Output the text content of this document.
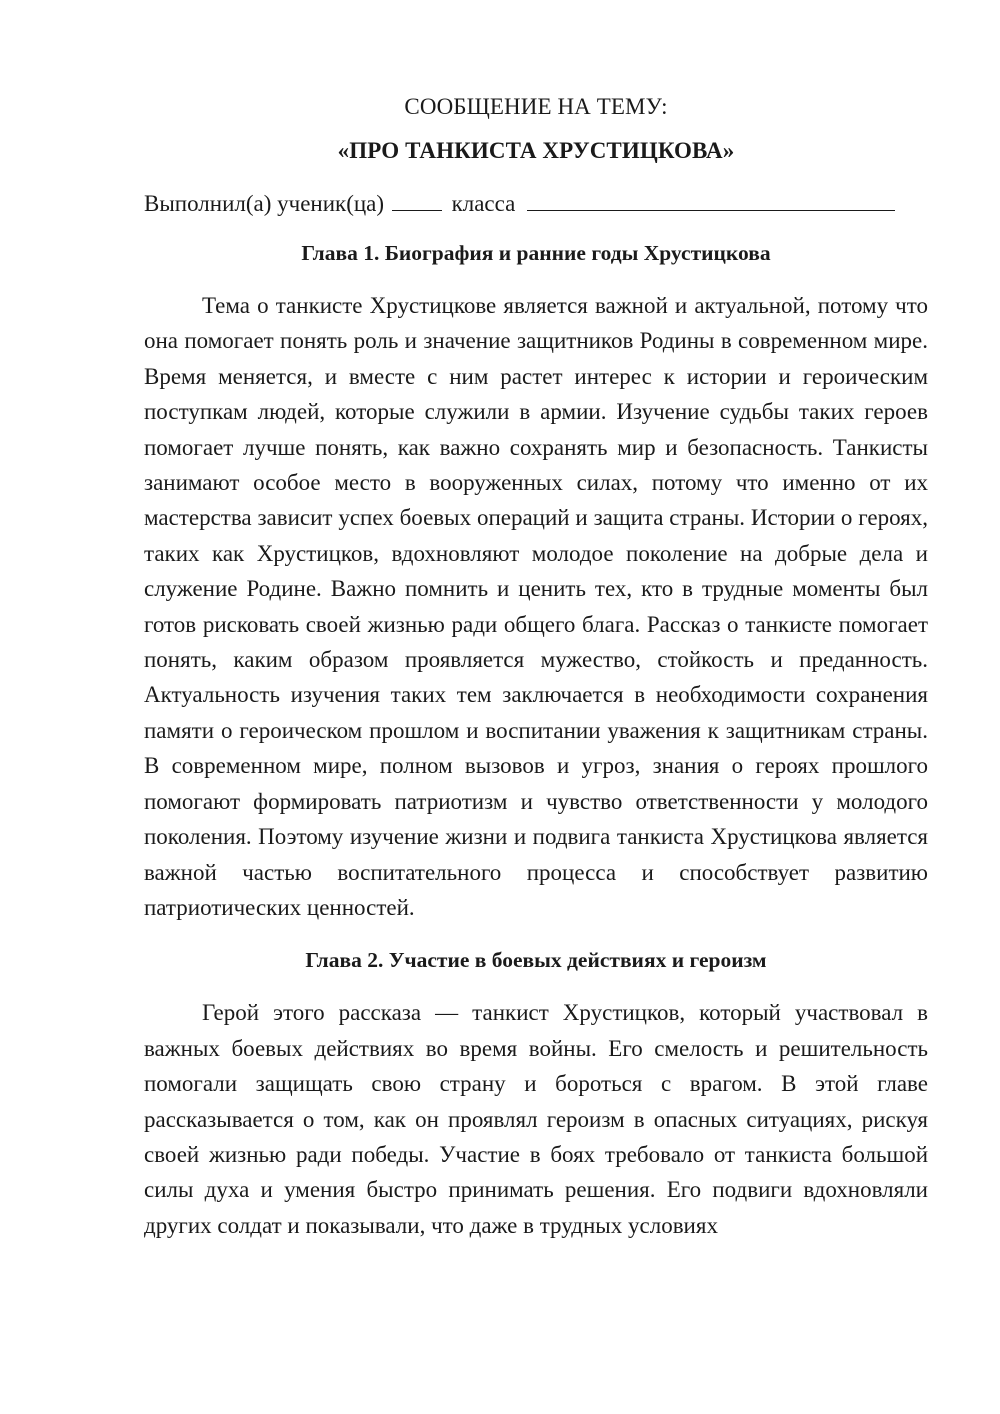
СООБЩЕНИЕ НА ТЕМУ:

«ПРО ТАНКИСТА ХРУСТИЦКОВА»

Выполнил(а) ученик(ца)	класса
Глава 1. Биография и ранние годы Хрустицкова

Тема о танкисте Хрустицкове является важной и актуальной, потому что она помогает понять роль и значение защитников Родины в современном мире. Время меняется, и вместе с ним растет интерес к истории и героическим поступкам людей, которые служили в армии. Изучение судьбы таких героев помогает лучше понять, как важно сохранять мир и безопасность. Танкисты занимают особое место в вооруженных силах, потому что именно от их мастерства зависит успех боевых операций и защита страны. Истории о героях, таких как Хрустицков, вдохновляют молодое поколение на добрые дела и служение Родине. Важно помнить и ценить тех, кто в трудные моменты был готов рисковать своей жизнью ради общего блага. Рассказ о танкисте помогает понять, каким образом проявляется мужество, стойкость и преданность. Актуальность изучения таких тем заключается в необходимости сохранения памяти о героическом прошлом и воспитании уважения к защитникам страны. В современном мире, полном вызовов и угроз, знания о героях прошлого помогают формировать патриотизм и чувство ответственности у молодого поколения. Поэтому изучение жизни и подвига танкиста Хрустицкова является важной частью воспитательного процесса и способствует развитию патриотических ценностей.

Глава 2. Участие в боевых действиях и героизм

Герой этого рассказа — танкист Хрустицков, который участвовал в важных боевых действиях во время войны. Его смелость и решительность помогали защищать свою страну и бороться с врагом. В этой главе рассказывается о том, как он проявлял героизм в опасных ситуациях, рискуя своей жизнью ради победы. Участие в боях требовало от танкиста большой силы духа и умения быстро принимать решения. Его подвиги вдохновляли других солдат и показывали, что даже в трудных условиях
